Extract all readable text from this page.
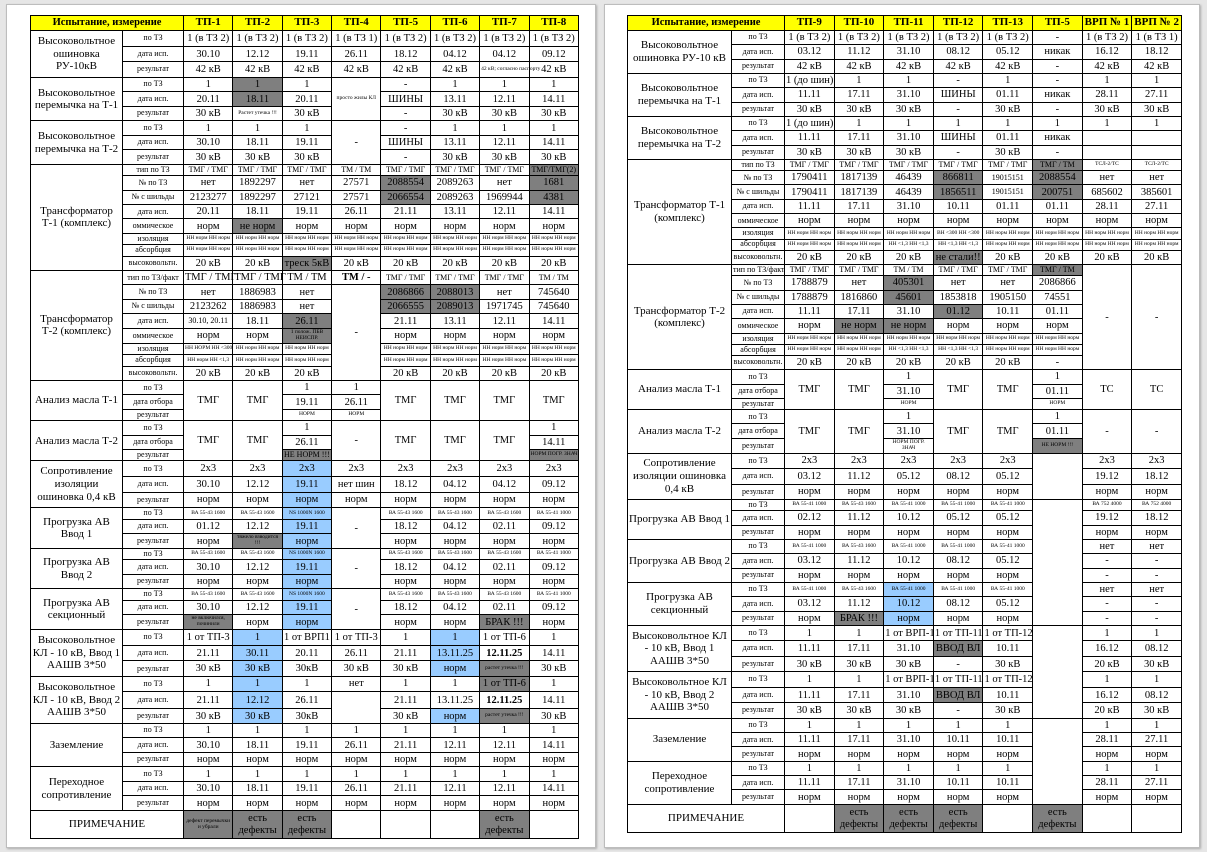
Испытание, измерение		ТП-1	ТП-2	ТП-3	ТП-4	ТП-5	ТП-6	ТП-7	ТП-8
Высоковольтное ошиновка РУ-10кВ	по ТЗ	1 (в ТЗ 2)	1 (в ТЗ 2)	1 (в ТЗ 2)	1 (в ТЗ 1)	1 (в ТЗ 2)	1 (в ТЗ 2)	1 (в ТЗ 2)	1 (в ТЗ 2)
	дата исп.	30.10	12.12	19.11	26.11	18.12	04.12	04.12	09.12
	результат	42 кВ	42 кВ	42 кВ	42 кВ	42 кВ	42 кВ	42 кВ; согласно паспорту	42 кВ
Высоковольтное перемычка на Т-1	по ТЗ	1	1	1	просто жилы КЛ	-	1	1	1
	дата исп.	20.11	18.11	20.11		ШИНЫ	13.11	12.11	14.11
	результат	30 кВ	Растет утечка !!!	30 кВ		-	30 кВ	30 кВ	30 кВ
Высоковольтное перемычка на Т-2	по ТЗ	1	1	1	-	-	1	1	1
	дата исп.	30.10	18.11	19.11		ШИНЫ	13.11	12.11	14.11
	результат	30 кВ	30 кВ	30 кВ		-	30 кВ	30 кВ	30 кВ
Трансформатор Т-1 (комплекс)	тип по ТЗ	ТМГ / ТМГ	ТМГ / ТМГ	ТМГ / ТМГ	ТМ / ТМ	ТМГ / ТМГ	ТМГ / ТМГ	ТМГ / ТМГ	ТМГ/ТМГ(2)
	№ по ТЗ	нет	1892297	нет	27571	2088554	2089263	нет	1681
	№ с шильды	2123277	1892297	27121	27571	2066554	2089263	1969944	4381
	дата исп.	20.11	18.11	19.11	26.11	21.11	13.11	12.11	14.11
	оммическое	норм	не норм	норм	норм	норм	норм	норм	норм
	изоляция	НН норм НН норм	НН норм НН норм	НН норм НН норм	НН норм НН норм	НН норм НН норм	НН норм НН норм	НН норм НН норм	НН норм НН норм
	абсорбция	НН норм НН норм	НН норм НН норм	НН норм НН норм	НН норм НН норм	НН норм НН норм	НН норм НН норм	НН норм НН норм	НН норм НН норм
	высоковольтн.	20 кВ	20 кВ	треск 5кВ	20 кВ	20 кВ	20 кВ	20 кВ	20 кВ
Трансформатор Т-2 (комплекс)	тип по ТЗ/факт	ТМГ / ТМГ	ТМГ / ТМГ	ТМ / ТМ	ТМ / -	ТМГ / ТМГ	ТМГ / ТМГ	ТМГ / ТМГ	ТМ / ТМ
	№ по ТЗ	нет	1886983	нет	-	2086866	2088013	нет	745640
	№ с шильды	2123262	1886983	нет		2066555	2089013	1971745	745640
	дата исп.	30.10, 20.11	18.11	26.11		21.11	13.11	12.11	14.11
	оммическое	норм	норм	1 полож. ПБВ НЕИСПР.		норм	норм	норм	норм
	изоляция	НН НОРМ НН <300	НН норм НН норм	НН норм НН норм		НН норм НН норм	НН норм НН норм	НН норм НН норм	НН норм НН норм
	абсорбция	НН норм НН <1,3	НН норм НН норм	НН норм НН норм		НН норм НН норм	НН норм НН норм	НН норм НН норм	НН норм НН норм
	высоковольтн.	20 кВ	20 кВ	20 кВ		20 кВ	20 кВ	20 кВ	20 кВ
Анализ масла Т-1	по ТЗ	ТМГ	ТМГ	1	1	ТМГ	ТМГ	ТМГ	ТМГ
	дата отбора			19.11	26.11				
	результат			НОРМ	НОРМ				
Анализ масла Т-2	по ТЗ	ТМГ	ТМГ	1	-	ТМГ	ТМГ	ТМГ	1
	дата отбора			26.11					14.11
	результат			НЕ НОРМ !!!					НОРМ ПОГР. ЗНАЧ
Сопротивление изоляции ошиновка 0,4 кВ	по ТЗ	2х3	2х3	2х3	2х3	2х3	2х3	2х3	2х3
	дата исп.	30.10	12.12	19.11	нет шин	18.12	04.12	04.12	09.12
	результат	норм	норм	норм	норм	норм	норм	норм	норм
Прогрузка АВ Ввод 1	по ТЗ	ВА 55-43 1600	ВА 55-43 1600	NS 1000N 1600	-	ВА 55-43 1600	ВА 55-43 1600	ВА 55-43 1600	ВА 55-41 1000
	дата исп.	01.12	12.12	19.11		18.12	04.12	02.11	09.12
	результат	норм	тяжело взводится !!!	норм		норм	норм	норм	норм
Прогрузка АВ Ввод 2	по ТЗ	ВА 55-43 1600	ВА 55-43 1600	NS 1000N 1600	-	ВА 55-43 1600	ВА 55-43 1600	ВА 55-43 1600	ВА 55-41 1000
	дата исп.	30.10	12.12	19.11		18.12	04.12	02.11	09.12
	результат	норм	норм	норм		норм	норм	норм	норм
Прогрузка АВ секционный	по ТЗ	ВА 55-43 1600	ВА 55-43 1600	NS 1000N 1600	-	ВА 55-43 1600	ВА 55-43 1600	ВА 55-43 1600	ВА 55-41 1000
	дата исп.	30.10	12.12	19.11		18.12	04.12	02.11	09.12
	результат	не включился, починили	норм	норм		норм	норм	БРАК !!!	норм
Высоковольтное КЛ - 10 кВ, Ввод 1 ААШВ 3*50	по ТЗ	1 от ТП-3	1	1 от ВРП1	1 от ТП-3	1	1	1 от ТП-6	1
	дата исп.	21.11	30.11	20.11	26.11	21.11	13.11.25	12.11.25	14.11
	результат	30 кВ	30 кВ	30кВ	30 кВ	30 кВ	норм	растет утечка !!!	30 кВ
Высоковольтное КЛ - 10 кВ, Ввод 2 ААШВ 3*50	по ТЗ	1	1	1	нет	1	1	1 от ТП-6	1
	дата исп.	21.11	12.12	26.11		21.11	13.11.25	12.11.25	14.11
	результат	30 кВ	30 кВ	30кВ		30 кВ	норм	растет утечка !!!	30 кВ
Заземление	по ТЗ	1	1	1	1	1	1	1	1
	дата исп.	30.10	18.11	19.11	26.11	21.11	12.11	12.11	14.11
	результат	норм	норм	норм	норм	норм	норм	норм	норм
Переходное сопротивление	по ТЗ	1	1	1	1	1	1	1	1
	дата исп.	30.10	18.11	19.11	26.11	21.11	12.11	12.11	14.11
	результат	норм	норм	норм	норм	норм	норм	норм	норм
ПРИМЕЧАНИЕ		дефект перемычки и убрали	есть дефекты	есть дефекты				есть дефекты	
Испытание, измерение		ТП-9	ТП-10	ТП-11	ТП-12	ТП-13	ТП-5	ВРП № 1	ВРП № 2
Высоковольтное ошиновка РУ-10 кВ	по ТЗ	1 (в ТЗ 2)	1 (в ТЗ 2)	1 (в ТЗ 2)	1 (в ТЗ 2)	1 (в ТЗ 2)	-	1 (в ТЗ 2)	1 (в ТЗ 1)
	дата исп.	03.12	11.12	31.10	08.12	05.12	никак	16.12	18.12
	результат	42 кВ	42 кВ	42 кВ	42 кВ	42 кВ	-	42 кВ	42 кВ
Высоковольтное перемычка на Т-1	по ТЗ	1 (до шин)	1	1	-	1	-	1	1
	дата исп.	11.11	17.11	31.10	ШИНЫ	01.11	никак	28.11	27.11
	результат	30 кВ	30 кВ	30 кВ	-	30 кВ	-	30 кВ	30 кВ
Высоковольтное перемычка на Т-2	по ТЗ	1 (до шин)	1	1	1	1	1	1	1
	дата исп.	11.11	17.11	31.10	ШИНЫ	01.11	никак		
	результат	30 кВ	30 кВ	30 кВ	-	30 кВ	-		
Трансформатор Т-1 (комплекс)	тип по ТЗ	ТМГ / ТМГ	ТМГ / ТМГ	ТМГ / ТМГ	ТМГ / ТМГ	ТМГ / ТМГ	ТМГ / ТМ	ТСЛ-2/ТС	ТСЛ-2/ТС
	№ по ТЗ	1790411	1817139	46439	866811	19015151	2088554	нет	нет
	№ с шильды	1790411	1817139	46439	1856511	19015151	200751	685602	385601
	дата исп.	11.11	17.11	31.10	10.11	01.11	01.11	28.11	27.11
	оммическое	норм	норм	норм	норм	норм	норм	норм	норм
	изоляция	НН норм НН норм	НН норм НН норм	НН норм НН норм	ВН <300 НН <300	НН норм НН норм	НН норм НН норм	НН норм НН норм	НН норм НН норм
	абсорбция	НН норм НН норм	НН норм НН норм	НН <1,3 НН <1,3	НН <1,3 НН <1,3	НН норм НН норм	НН норм НН норм	НН норм НН норм	НН норм НН норм
	высоковольтн.	20 кВ	20 кВ	20 кВ	не стали!!	20 кВ	20 кВ	20 кВ	20 кВ
Трансформатор Т-2 (комплекс)	тип по ТЗ/факт	ТМГ / ТМГ	ТМГ / ТМГ	ТМ / ТМ	ТМГ / ТМГ	ТМГ / ТМГ	ТМГ / ТМ	-	-
	№ по ТЗ	1788879	нет	405301	нет	нет	2086866		
	№ с шильды	1788879	1816860	45601	1853818	1905150	74551		
	дата исп.	11.11	17.11	31.10	01.12	10.11	01.11		
	оммическое	норм	не норм	не норм	норм	норм	норм		
	изоляция	НН норм НН норм	НН норм НН норм	НН норм НН норм	НН норм НН норм	НН норм НН норм	НН норм НН норм		
	абсорбция	НН норм НН норм	НН норм НН норм	НН <1,3 НН <1,3	НН <1,3 НН <1,3	НН норм НН норм	НН норм НН норм		
	высоковольтн.	20 кВ	20 кВ	20 кВ	20 кВ	20 кВ	-		
Анализ масла Т-1	по ТЗ	ТМГ	ТМГ	1	ТМГ	ТМГ	1	ТС	ТС
	дата отбора			31.10			01.11		
	результат			НОРМ			НОРМ		
Анализ масла Т-2	по ТЗ	ТМГ	ТМГ	1	ТМГ	ТМГ	1	-	-
	дата отбора			31.10			01.11		
	результат			НОРМ ПОГР. ЗНАЧ			НЕ НОРМ !!!		
Сопротивление изоляции ошиновка 0,4 кВ	по ТЗ	2х3	2х3	2х3	2х3	2х3		2х3	2х3
	дата исп.	03.12	11.12	05.12	08.12	05.12		19.12	18.12
	результат	норм	норм	норм	норм	норм		норм	норм
Прогрузка АВ Ввод 1	по ТЗ	ВА 55-41 1000	ВА 55-43 1600	ВА 55-41 1000	ВА 55-41 1000	ВА 55-41 1000		ВА 752 4000	ВА 752 4000
	дата исп.	02.12	11.12	10.12	05.12	05.12		19.12	18.12
	результат	норм	норм	норм	норм	норм		норм	норм
Прогрузка АВ Ввод 2	по ТЗ	ВА 55-41 1000	ВА 55-43 1600	ВА 55-41 1000	ВА 55-41 1000	ВА 55-41 1000		нет	нет
	дата исп.	03.12	11.12	10.12	08.12	05.12		-	-
	результат	норм	норм	норм	норм	норм		-	-
Прогрузка АВ секционный	по ТЗ	ВА 55-41 1000	ВА 55-43 1600	ВА 55-41 1000	ВА 55-41 1000	ВА 55-41 1000		нет	нет
	дата исп.	03.12	11.12	10.12	08.12	05.12		-	-
	результат	норм	БРАК !!!	норм	норм	норм		-	-
Высоковольтное КЛ - 10 кВ, Ввод 1 ААШВ 3*50	по ТЗ	1	1	1 от ВРП-1	1 от ТП-11	1 от ТП-12		1	1
	дата исп.	11.11	17.11	31.10	ВВОД ВЛ	10.11		16.12	08.12
	результат	30 кВ	30 кВ	30 кВ	-	30 кВ		20 кВ	30 кВ
Высоковольтное КЛ - 10 кВ, Ввод 2 ААШВ 3*50	по ТЗ	1	1	1 от ВРП-1	1 от ТП-11	1 от ТП-12		1	1
	дата исп.	11.11	17.11	31.10	ВВОД ВЛ	10.11		16.12	08.12
	результат	30 кВ	30 кВ	30 кВ	-	30 кВ		20 кВ	30 кВ
Заземление	по ТЗ	1	1	1	1	1		1	1
	дата исп.	11.11	17.11	31.10	10.11	10.11		28.11	27.11
	результат	норм	норм	норм	норм	норм		норм	норм
Переходное сопротивление	по ТЗ	1	1	1	1	1		1	1
	дата исп.	11.11	17.11	31.10	10.11	10.11		28.11	27.11
	результат	норм	норм	норм	норм	норм		норм	норм
ПРИМЕЧАНИЕ			есть дефекты	есть дефекты	есть дефекты		есть дефекты		
